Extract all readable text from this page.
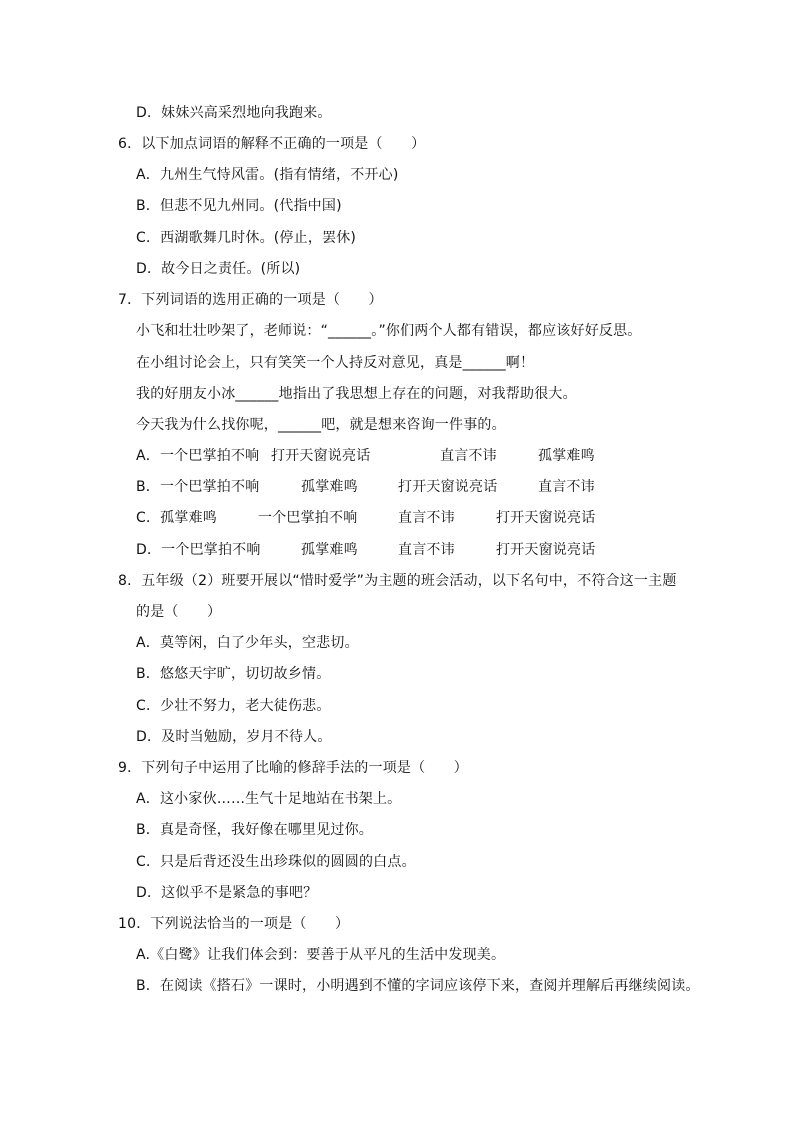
D．妹妹兴高采烈地向我跑来。
6．以下加点词语的解释不正确的一项是（　　）
A．九州生气恃风雷。(指有情绪，不开心)
B．但悲不见九州同。(代指中国)
C．西湖歌舞几时休。(停止，罢休)
D．故今日之责任。(所以)
7．下列词语的选用正确的一项是（　　）
小飞和壮壮吵架了，老师说：“______。”你们两个人都有错误，都应该好好反思。
在小组讨论会上，只有笑笑一个人持反对意见，真是______啊！
我的好朋友小冰______地指出了我思想上存在的问题，对我帮助很大。
今天我为什么找你呢，______吧，就是想来咨询一件事的。
A．一个巴掌拍不响 打开天窗说亮话	直言不讳	孤掌难鸣
B．一个巴掌拍不响	孤掌难鸣	打开天窗说亮话	直言不讳
C．孤掌难鸣	一个巴掌拍不响	直言不讳	打开天窗说亮话
D．一个巴掌拍不响	孤掌难鸣	直言不讳	打开天窗说亮话
8．五年级（2）班要开展以“惜时爱学”为主题的班会活动，以下名句中，不符合这一主题
的是（　　）
A．莫等闲，白了少年头，空悲切。
B．悠悠天宇旷，切切故乡情。
C．少壮不努力，老大徒伤悲。
D．及时当勉励，岁月不待人。
9．下列句子中运用了比喻的修辞手法的一项是（　　）
A．这小家伙……生气十足地站在书架上。
B．真是奇怪，我好像在哪里见过你。
C．只是后背还没生出珍珠似的圆圆的白点。
D．这似乎不是紧急的事吧？
10．下列说法恰当的一项是（　　）
A.《白鹭》让我们体会到：要善于从平凡的生活中发现美。
B．在阅读《搭石》一课时，小明遇到不懂的字词应该停下来，查阅并理解后再继续阅读。
